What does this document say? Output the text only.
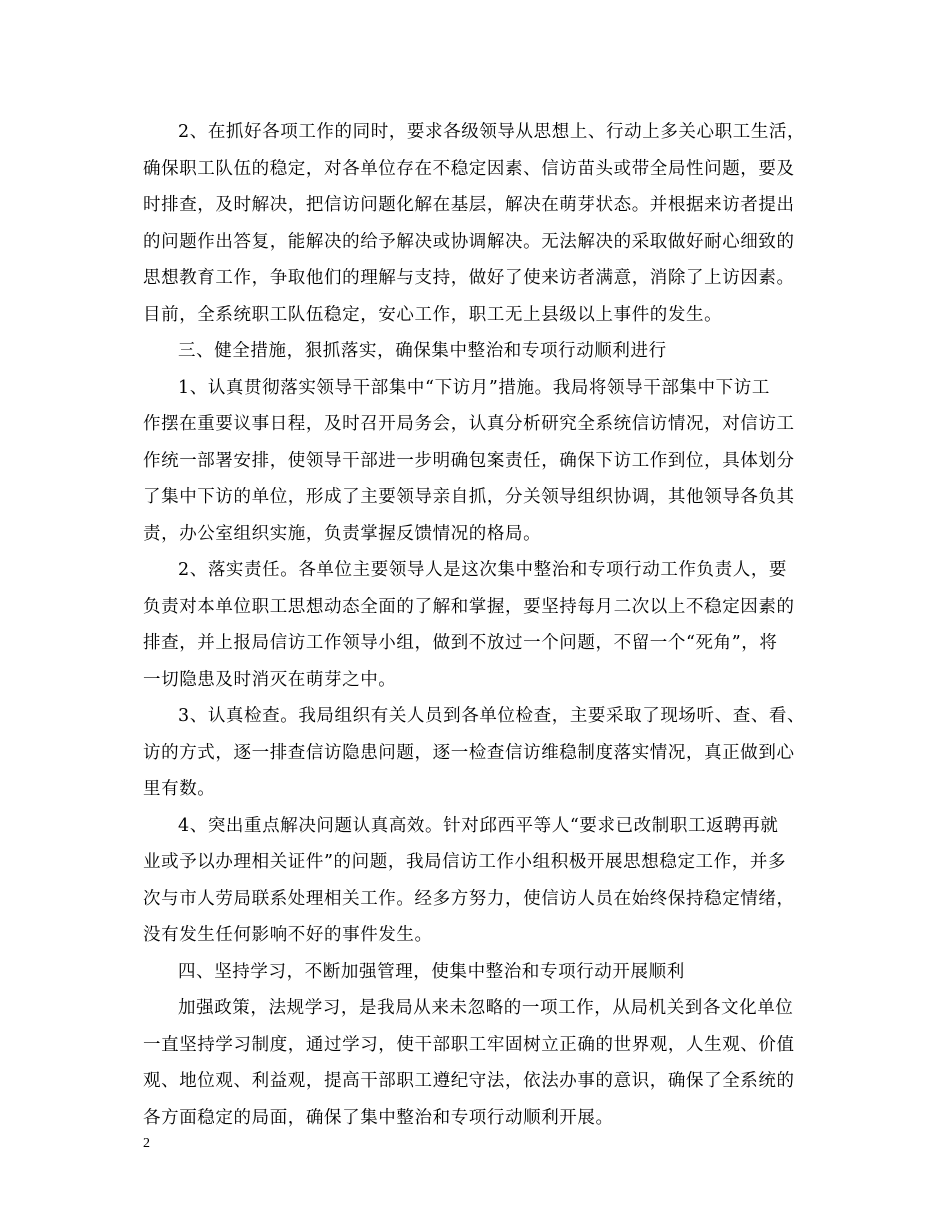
2、在抓好各项工作的同时，要求各级领导从思想上、行动上多关心职工生活，
确保职工队伍的稳定，对各单位存在不稳定因素、信访苗头或带全局性问题，要及
时排查，及时解决，把信访问题化解在基层，解决在萌芽状态。并根据来访者提出
的问题作出答复，能解决的给予解决或协调解决。无法解决的采取做好耐心细致的
思想教育工作，争取他们的理解与支持，做好了使来访者满意，消除了上访因素。
目前，全系统职工队伍稳定，安心工作，职工无上县级以上事件的发生。
三、健全措施，狠抓落实，确保集中整治和专项行动顺利进行
1、认真贯彻落实领导干部集中“下访月”措施。我局将领导干部集中下访工
作摆在重要议事日程，及时召开局务会，认真分析研究全系统信访情况，对信访工
作统一部署安排，使领导干部进一步明确包案责任，确保下访工作到位，具体划分
了集中下访的单位，形成了主要领导亲自抓，分关领导组织协调，其他领导各负其
责，办公室组织实施，负责掌握反馈情况的格局。
2、落实责任。各单位主要领导人是这次集中整治和专项行动工作负责人，要
负责对本单位职工思想动态全面的了解和掌握，要坚持每月二次以上不稳定因素的
排查，并上报局信访工作领导小组，做到不放过一个问题，不留一个“死角”，将
一切隐患及时消灭在萌芽之中。
3、认真检查。我局组织有关人员到各单位检查，主要采取了现场听、查、看、
访的方式，逐一排查信访隐患问题，逐一检查信访维稳制度落实情况，真正做到心
里有数。
4、突出重点解决问题认真高效。针对邱西平等人“要求已改制职工返聘再就
业或予以办理相关证件”的问题，我局信访工作小组积极开展思想稳定工作，并多
次与市人劳局联系处理相关工作。经多方努力，使信访人员在始终保持稳定情绪，
没有发生任何影响不好的事件发生。
四、坚持学习，不断加强管理，使集中整治和专项行动开展顺利
加强政策，法规学习，是我局从来未忽略的一项工作，从局机关到各文化单位
一直坚持学习制度，通过学习，使干部职工牢固树立正确的世界观，人生观、价值
观、地位观、利益观，提高干部职工遵纪守法，依法办事的意识，确保了全系统的
各方面稳定的局面，确保了集中整治和专项行动顺利开展。
2
